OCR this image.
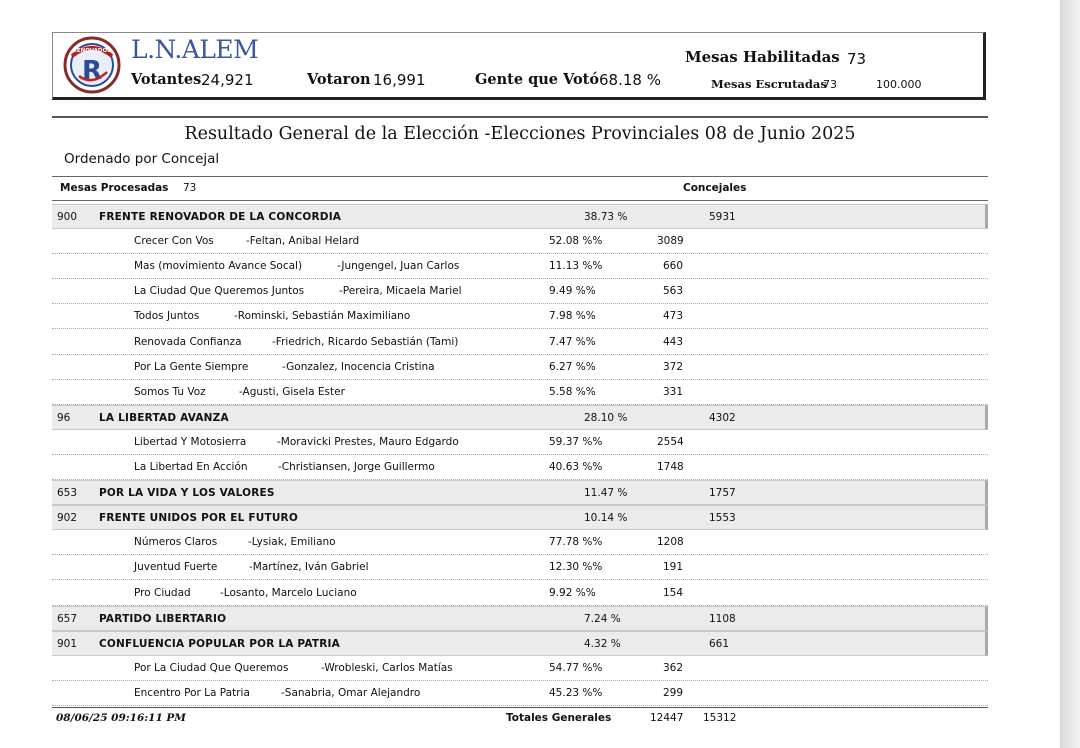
RENOVADOR
R
L.N.ALEM
Votantes 24,921	Votaron 16,991	Gente que Votó 68.18 %
Mesas Habilitadas 73
Mesas Escrutadas
73	100.000
Resultado General de la Elección -Elecciones Provinciales 08 de Junio 2025
Ordenado por Concejal
Mesas Procesadas 73	Concejales
900 FRENTE RENOVADOR DE LA CONCORDIA	38.73 %	5931
Crecer Con Vos	-Feltan, Anibal Helard	52.08 %%	3089
Mas (movimiento Avance Socal)	-Jungengel, Juan Carlos	11.13 %%	660
La Ciudad Que Queremos Juntos	-Pereira, Micaela Mariel	9.49 %%	563
Todos Juntos	-Rominski, Sebastián Maximiliano	7.98 %%	473
Renovada Confianza	-Friedrich, Ricardo Sebastián (Tami)	7.47 %%	443
Por La Gente Siempre	-Gonzalez, Inocencia Cristina	6.27 %%	372
Somos Tu Voz	-Agusti, Gisela Ester	5.58 %%	331
96	LA LIBERTAD AVANZA	28.10 %	4302
Libertad Y Motosierra	-Moravicki Prestes, Mauro Edgardo	59.37 %%	2554
La Libertad En Acción	-Christiansen, Jorge Guillermo	40.63 %%	1748
653 POR LA VIDA Y LOS VALORES	11.47 %	1757
902 FRENTE UNIDOS POR EL FUTURO	10.14 %	1553
Números Claros	-Lysiak, Emiliano	77.78 %%	1208
Juventud Fuerte	-Martínez, Iván Gabriel	12.30 %%	191
Pro Ciudad	-Losanto, Marcelo Luciano	9.92 %%	154
657 PARTIDO LIBERTARIO	7.24 %	1108
901 CONFLUENCIA POPULAR POR LA PATRIA	4.32 %	661
Por La Ciudad Que Queremos	-Wrobleski, Carlos Matías	54.77 %%	362
Encentro Por La Patria	-Sanabria, Omar Alejandro	45.23 %%	299
08/06/25 09:16:11 PM	Totales Generales	12447 15312
